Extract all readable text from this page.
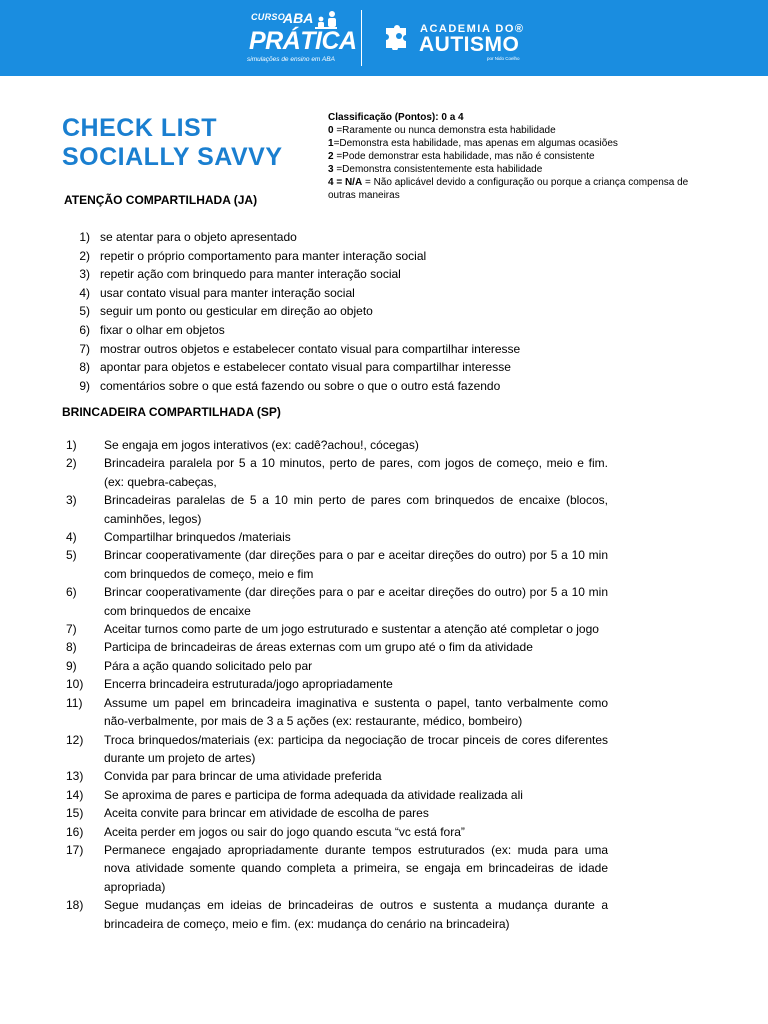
CURSO
ABA
PRÁTICA
simulações de ensino em ABA
ACADEMIA DO®
AUTISMO
por Nido Coelho
CHECK LIST
SOCIALLY SAVVY
Classificação (Pontos): 0 a 4
0 =Raramente ou nunca demonstra esta habilidade
1=Demonstra esta habilidade, mas apenas em algumas ocasiões
2 =Pode demonstrar esta habilidade, mas não é consistente
3 =Demonstra consistentemente esta habilidade
4 = N/A = Não aplicável devido a configuração ou porque a criança compensa de outras maneiras
ATENÇÃO COMPARTILHADA (JA)
1) se atentar para o objeto apresentado
2) repetir o próprio comportamento para manter interação social
3) repetir ação com brinquedo para manter interação social
4) usar contato visual para manter interação social
5) seguir um ponto ou gesticular em direção ao objeto
6) fixar o olhar em objetos
7) mostrar outros objetos e estabelecer contato visual para compartilhar interesse
8) apontar para objetos e estabelecer contato visual para compartilhar interesse
9) comentários sobre o que está fazendo ou sobre o que o outro está fazendo
BRINCADEIRA COMPARTILHADA (SP)
1)	Se engaja em jogos interativos (ex: cadê?achou!, cócegas)
2)	Brincadeira paralela por 5 a 10 minutos, perto de pares, com jogos de começo, meio e fim. (ex: quebra-cabeças,
3)	Brincadeiras paralelas de 5 a 10 min perto de pares com brinquedos de encaixe (blocos, caminhões, legos)
4)	Compartilhar brinquedos /materiais
5)	Brincar cooperativamente (dar direções para o par e aceitar direções do outro) por 5 a 10 min com brinquedos de começo, meio e fim
6)	Brincar cooperativamente (dar direções para o par e aceitar direções do outro) por 5 a 10 min com brinquedos de encaixe
7)	Aceitar turnos como parte de um jogo estruturado e sustentar a atenção até completar o jogo
8)	Participa de brincadeiras de áreas externas com um grupo até o fim da atividade
9)	Pára a ação quando solicitado pelo par
10)	Encerra brincadeira estruturada/jogo apropriadamente
11)	Assume um papel em brincadeira imaginativa e sustenta o papel, tanto verbalmente como não-verbalmente, por mais de 3 a 5 ações (ex: restaurante, médico, bombeiro)
12)	Troca brinquedos/materiais (ex: participa da negociação de trocar pinceis de cores diferentes durante um projeto de artes)
13)	Convida par para brincar de uma atividade preferida
14)	Se aproxima de pares e participa de forma adequada da atividade realizada ali
15)	Aceita convite para brincar em atividade de escolha de pares
16)	Aceita perder em jogos ou sair do jogo quando escuta “vc está fora”
17)	Permanece engajado apropriadamente durante tempos estruturados (ex: muda para uma nova atividade somente quando completa a primeira, se engaja em brincadeiras de idade apropriada)
18)	Segue mudanças em ideias de brincadeiras de outros e sustenta a mudança durante a brincadeira de começo, meio e fim. (ex: mudança do cenário na brincadeira)
